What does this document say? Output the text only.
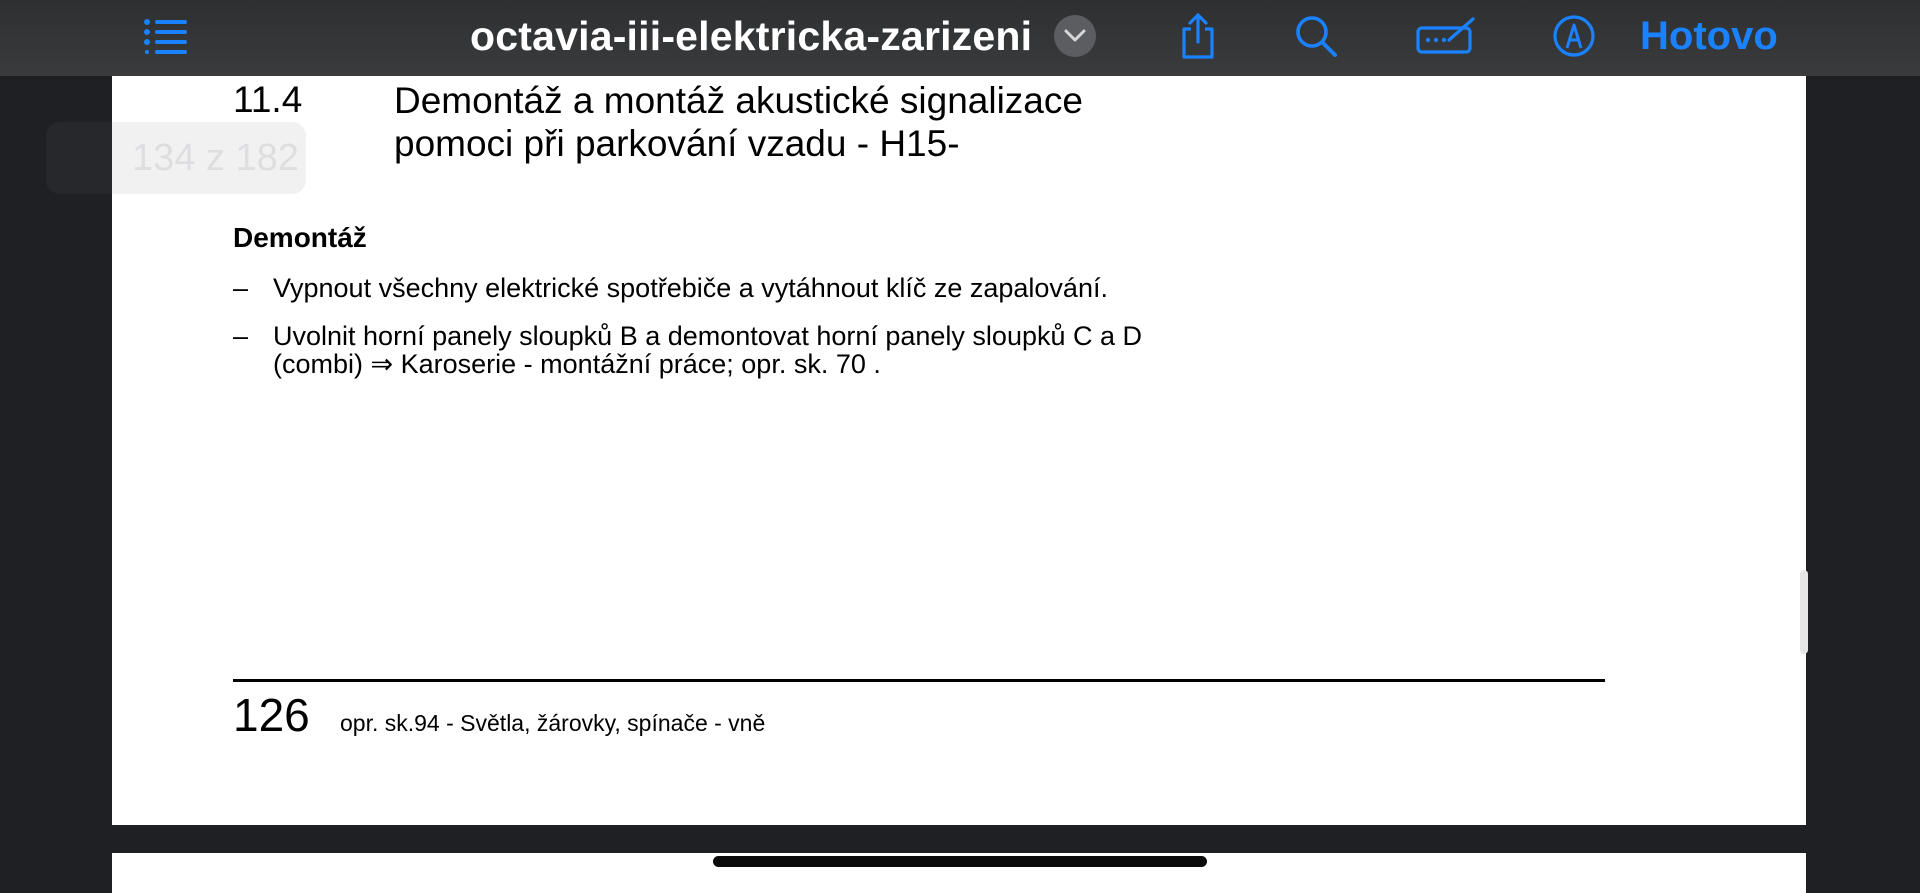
11.4 Demontáž a montáž akustické signalizace pomoci při parkování vzadu - H15-
Demontáž
– Vypnout všechny elektrické spotřebiče a vytáhnout klíč ze zapalování.
– Uvolnit horní panely sloupků B a demontovat horní panely sloupků C a D (combi) ⇒ Karoserie - montážní práce; opr. sk. 70 .
126 opr. sk.94 - Světla, žárovky, spínače - vně
134 z 182
octavia-iii-elektricka-zarizeni	Hotovo
